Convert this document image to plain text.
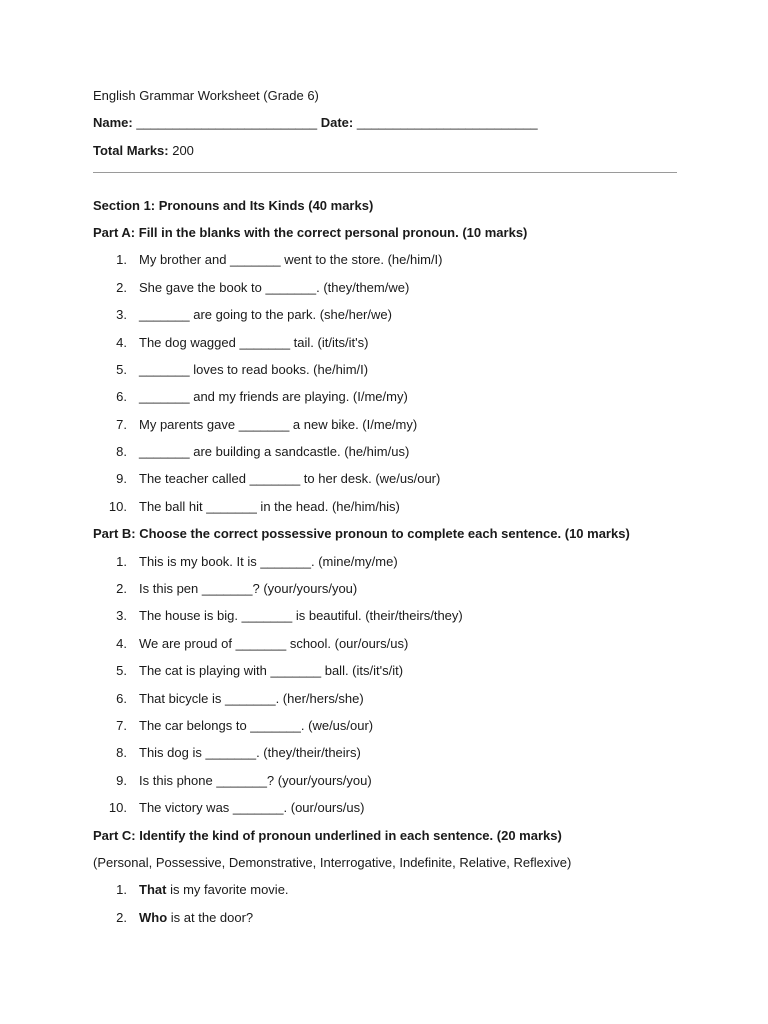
English Grammar Worksheet (Grade 6)
Name: _________________________ Date: _________________________
Total Marks: 200
Section 1: Pronouns and Its Kinds (40 marks)
Part A: Fill in the blanks with the correct personal pronoun. (10 marks)
1. My brother and _______ went to the store. (he/him/I)
2. She gave the book to _______. (they/them/we)
3. _______ are going to the park. (she/her/we)
4. The dog wagged _______ tail. (it/its/it's)
5. _______ loves to read books. (he/him/I)
6. _______ and my friends are playing. (I/me/my)
7. My parents gave _______ a new bike. (I/me/my)
8. _______ are building a sandcastle. (he/him/us)
9. The teacher called _______ to her desk. (we/us/our)
10. The ball hit _______ in the head. (he/him/his)
Part B: Choose the correct possessive pronoun to complete each sentence. (10 marks)
1. This is my book. It is _______. (mine/my/me)
2. Is this pen _______? (your/yours/you)
3. The house is big. _______ is beautiful. (their/theirs/they)
4. We are proud of _______ school. (our/ours/us)
5. The cat is playing with _______ ball. (its/it's/it)
6. That bicycle is _______. (her/hers/she)
7. The car belongs to _______. (we/us/our)
8. This dog is _______. (they/their/theirs)
9. Is this phone _______? (your/yours/you)
10. The victory was _______. (our/ours/us)
Part C: Identify the kind of pronoun underlined in each sentence. (20 marks)
(Personal, Possessive, Demonstrative, Interrogative, Indefinite, Relative, Reflexive)
1. That is my favorite movie.
2. Who is at the door?
